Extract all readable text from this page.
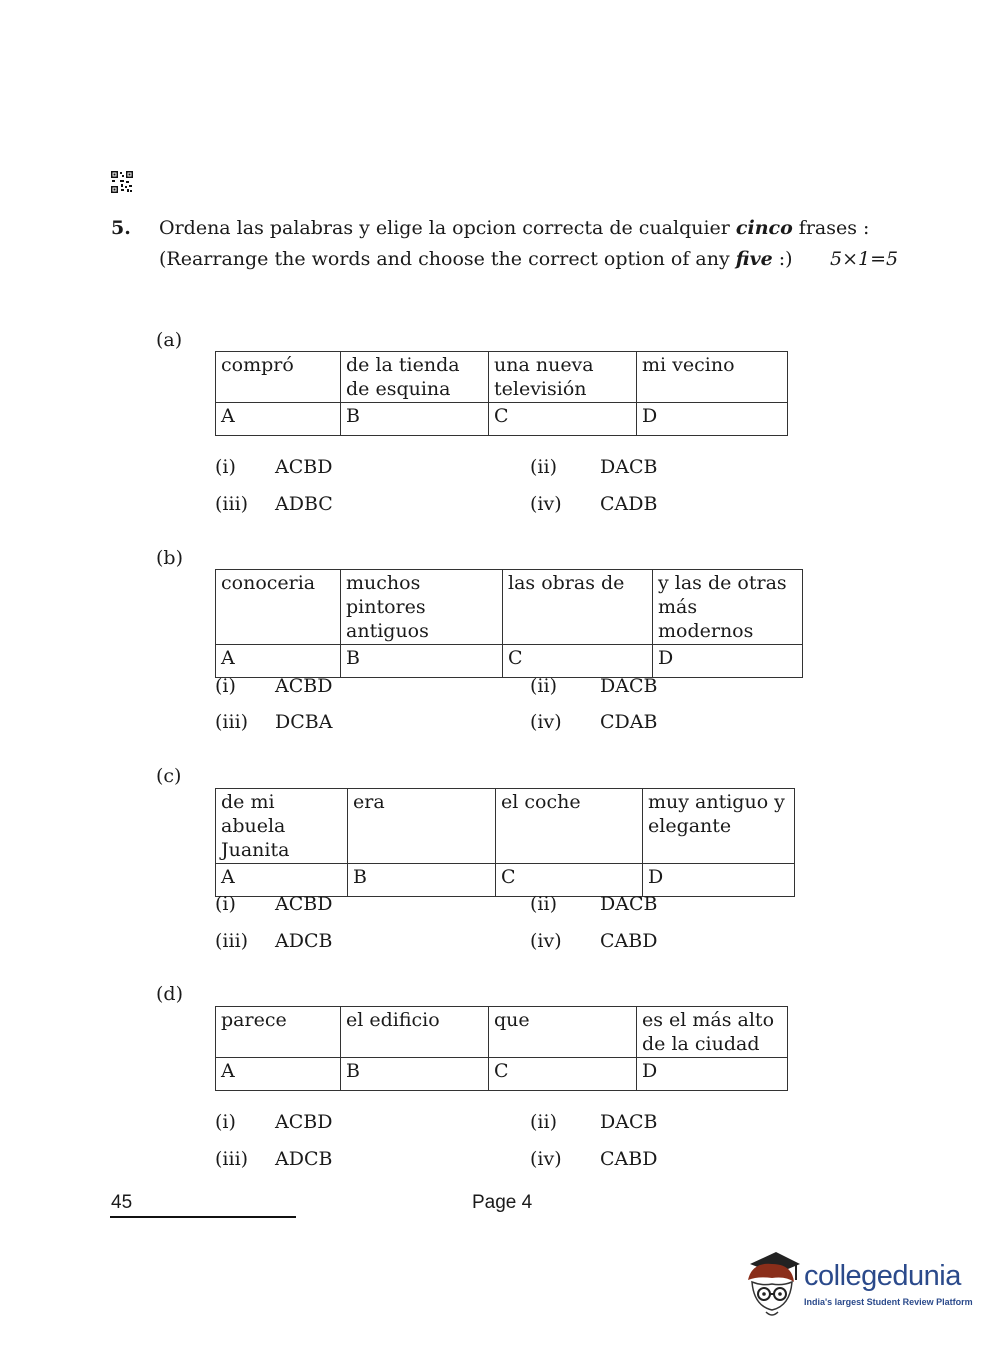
5. Ordena las palabras y elige la opcion correcta de cualquier cinco frases :
(Rearrange the words and choose the correct option of any five :) 5×1=5
(a)
compró	de la tienda de esquina	una nueva televisión	mi vecino
A	B	C	D
(i) ACBD	(ii) DACB
(iii) ADBC	(iv) CADB
(b)
conoceria	muchos pintores antiguos	las obras de	y las de otras más modernos
A	B	C	D
(i) ACBD	(ii) DACB
(iii) DCBA	(iv) CDAB
(c)
de mi abuela Juanita	era	el coche	muy antiguo y elegante
A	B	C	D
(i) ACBD	(ii) DACB
(iii) ADCB	(iv) CABD
(d)
parece	el edificio	que	es el más alto de la ciudad
A	B	C	D
(i) ACBD	(ii) DACB
(iii) ADCB	(iv) CABD
45	Page 4
collegedunia
India's largest Student Review Platform
